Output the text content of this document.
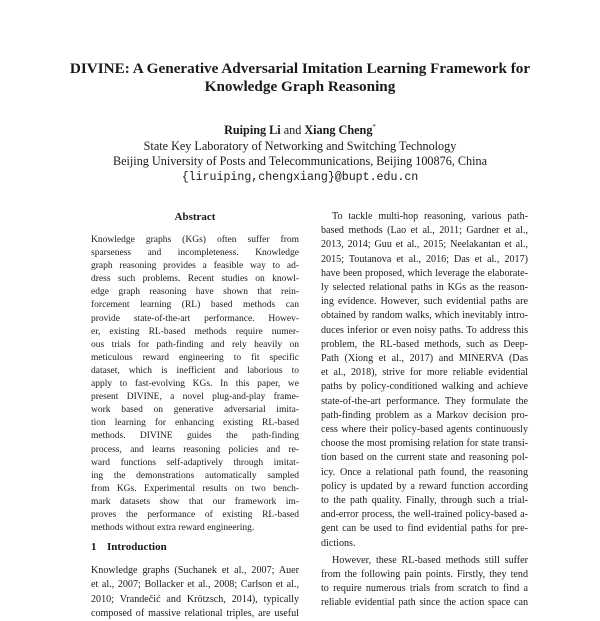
DIVINE: A Generative Adversarial Imitation Learning Framework for
Knowledge Graph Reasoning
Ruiping Li and Xiang Cheng*
State Key Laboratory of Networking and Switching Technology
Beijing University of Posts and Telecommunications, Beijing 100876, China
{liruiping,chengxiang}@bupt.edu.cn
Abstract
Knowledge graphs (KGs) often suffer from
sparseness and incompleteness. Knowledge
graph reasoning provides a feasible way to ad-
dress such problems. Recent studies on knowl-
edge graph reasoning have shown that rein-
forcement learning (RL) based methods can
provide state-of-the-art performance. Howev-
er, existing RL-based methods require numer-
ous trials for path-finding and rely heavily on
meticulous reward engineering to fit specific
dataset, which is inefficient and laborious to
apply to fast-evolving KGs. In this paper, we
present DIVINE, a novel plug-and-play frame-
work based on generative adversarial imita-
tion learning for enhancing existing RL-based
methods. DIVINE guides the path-finding
process, and learns reasoning policies and re-
ward functions self-adaptively through imitat-
ing the demonstrations automatically sampled
from KGs. Experimental results on two bench-
mark datasets show that our framework im-
proves the performance of existing RL-based
methods without extra reward engineering.
1 Introduction
Knowledge graphs (Suchanek et al., 2007; Auer
et al., 2007; Bollacker et al., 2008; Carlson et al.,
2010; Vrandečić and Krötzsch, 2014), typically
composed of massive relational triples, are useful
To tackle multi-hop reasoning, various path-
based methods (Lao et al., 2011; Gardner et al.,
2013, 2014; Guu et al., 2015; Neelakantan et al.,
2015; Toutanova et al., 2016; Das et al., 2017)
have been proposed, which leverage the elaborate-
ly selected relational paths in KGs as the reason-
ing evidence. However, such evidential paths are
obtained by random walks, which inevitably intro-
duces inferior or even noisy paths. To address this
problem, the RL-based methods, such as Deep-
Path (Xiong et al., 2017) and MINERVA (Das
et al., 2018), strive for more reliable evidential
paths by policy-conditioned walking and achieve
state-of-the-art performance. They formulate the
path-finding problem as a Markov decision pro-
cess where their policy-based agents continuously
choose the most promising relation for state transi-
tion based on the current state and reasoning pol-
icy. Once a relational path found, the reasoning
policy is updated by a reward function according
to the path quality. Finally, through such a trial-
and-error process, the well-trained policy-based a-
gent can be used to find evidential paths for pre-
dictions.
However, these RL-based methods still suffer
from the following pain points. Firstly, they tend
to require numerous trials from scratch to find a
reliable evidential path since the action space can
